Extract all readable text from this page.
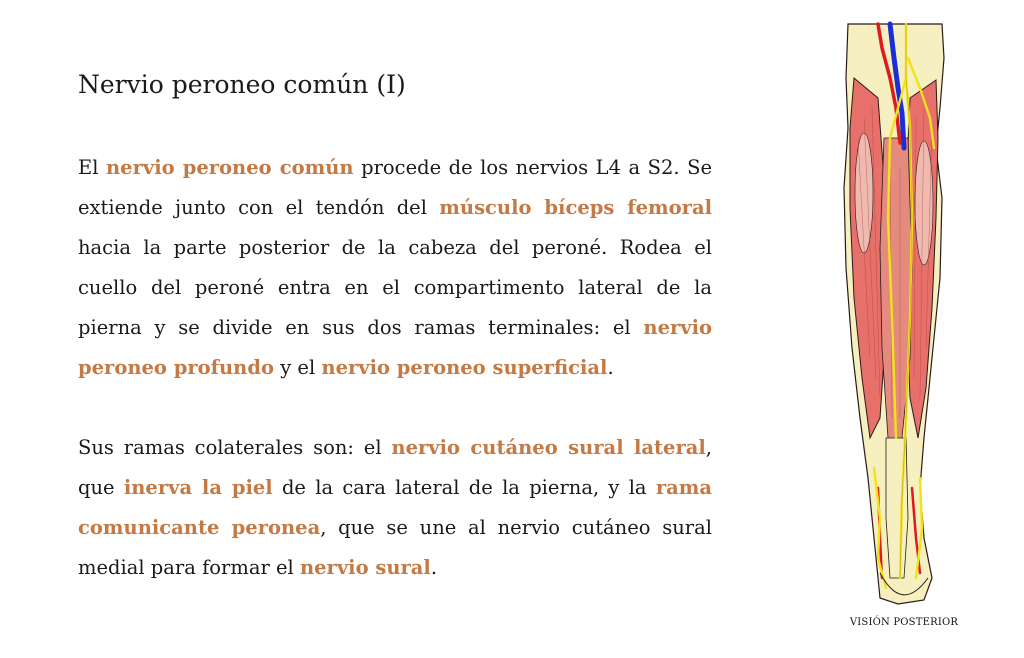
Nervio peroneo común (I)

El nervio peroneo común procede de los nervios L4 a S2. Se extiende junto con el tendón del músculo bíceps femoral hacia la parte posterior de la cabeza del peroné. Rodea el cuello del peroné entra en el compartimento lateral de la pierna y se divide en sus dos ramas terminales: el nervio peroneo profundo y el nervio peroneo superficial.

Sus ramas colaterales son: el nervio cutáneo sural lateral, que inerva la piel de la cara lateral de la pierna, y la rama comunicante peronea, que se une al nervio cutáneo sural medial para formar el nervio sural.

VISIÓN POSTERIOR
